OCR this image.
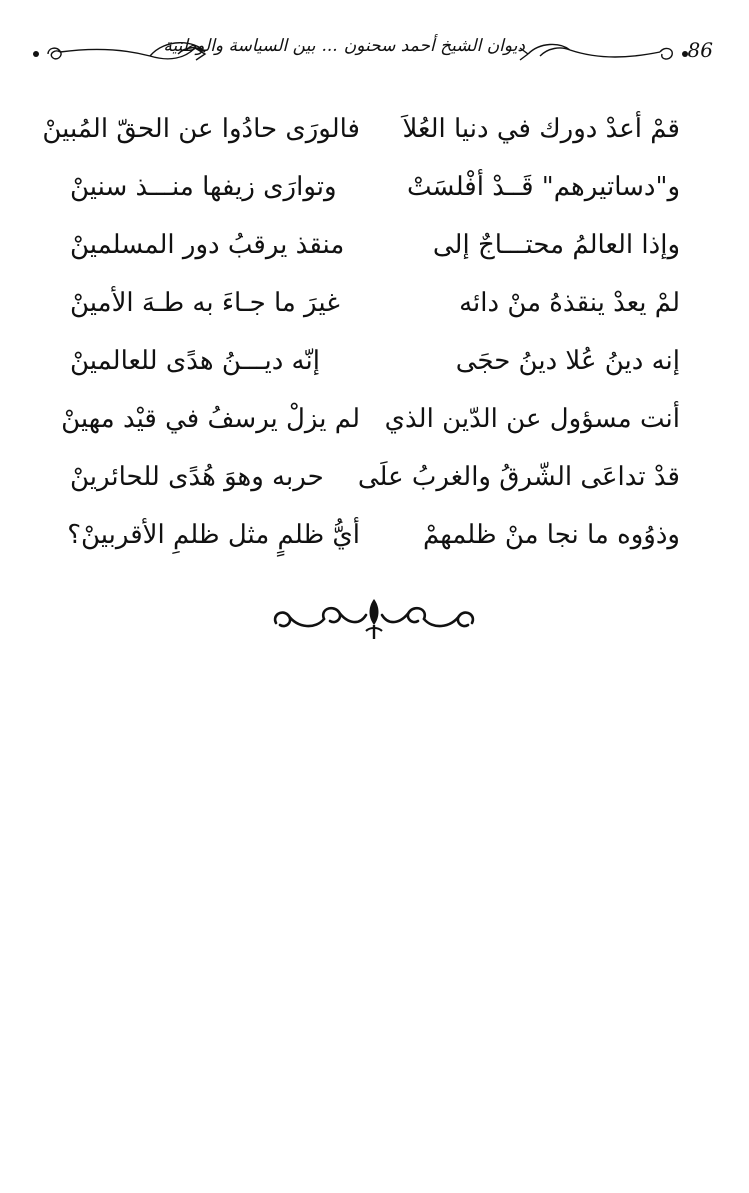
ديوان الشيخ أحمد سحنون...بين السياسة والوطنية	86
قمْ أعدْ دورك في دنيا العُلاَ
فالورَى حادُوا عن الحقّ المُبينْ
و"دساتيرهم" قَــدْ أفْلسَتْ
وتوارَى زيفها منـــذ سنينْ
وإذا العالمُ محتـــاجٌ إلى
منقذ يرقبُ دور المسلمينْ
لمْ يعدْ ينقذهُ منْ دائه
غيرَ ما جـاءَ به طـهَ الأمينْ
إنه دينُ عُلا دينُ حجَى
إنّه ديـــنُ هدًى للعالمينْ
أنت مسؤول عن الدّين الذي
لم يزلْ يرسفُ في قيْد مهينْ
قدْ تداعَى الشّرقُ والغربُ علَى
حربه وهوَ هُدًى للحائرينْ
وذوُوه ما نجا منْ ظلمهمْ
أيُّ ظلمٍ مثل ظلمِ الأقربينْ؟
